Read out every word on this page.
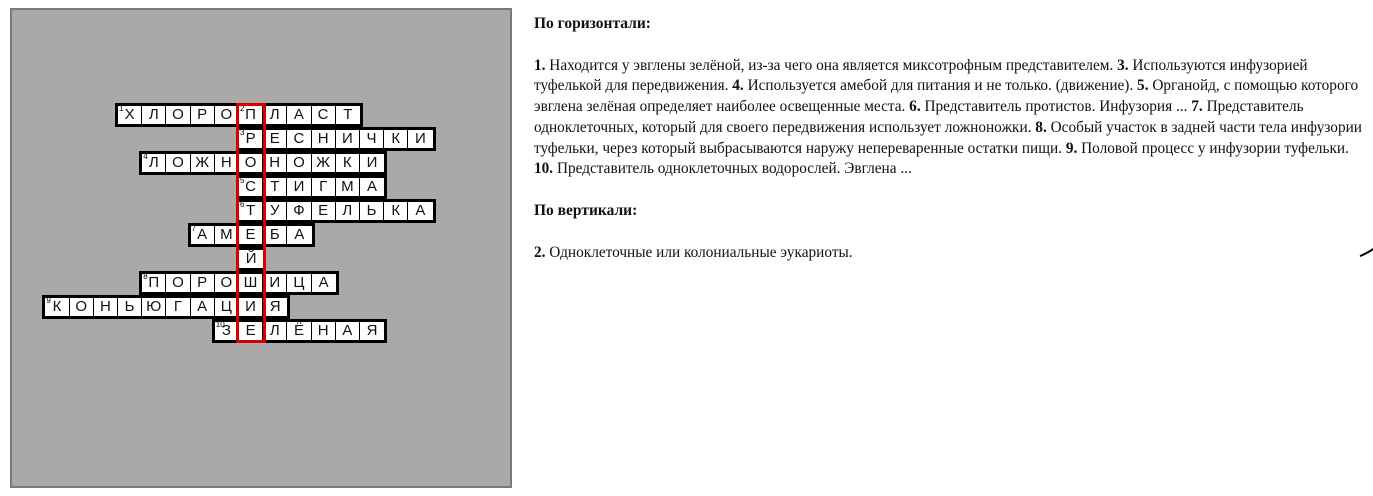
1 Х Л О Р О 2 П Л А С Т
3 Р Е С Н И Ч К И
4 Л О Ж Н О Н О Ж К И
5 С Т И Г М А
6 Т У Ф Е Л Ь К	А
7 А М Е Б А
Й
8 П О Р О Ш И Ц А
9 К О Н Ь Ю Г	А Ц И Я
10
З Е Л Ё Н А Я
По горизонтали:

1. Находится у эвглены зелёной, из-за чего она является миксотрофным представителем. 3. Используются инфузорией туфелькой для передвижения. 4. Используется амебой для питания и не только. (движение). 5. Органойд, с помощью которого эвглена зелёная определяет наиболее освещенные места. 6. Представитель протистов. Инфузория ... 7. Представитель одноклеточных, который для своего передвижения использует ложноножки. 8. Особый участок в задней части тела инфузории туфельки, через который выбрасываются наружу непереваренные остатки пищи. 9. Половой процесс у инфузории туфельки. 10. Представитель одноклеточных водорослей. Эвглена ...

По вертикали:

2. Одноклеточные или колониальные эукариоты.
